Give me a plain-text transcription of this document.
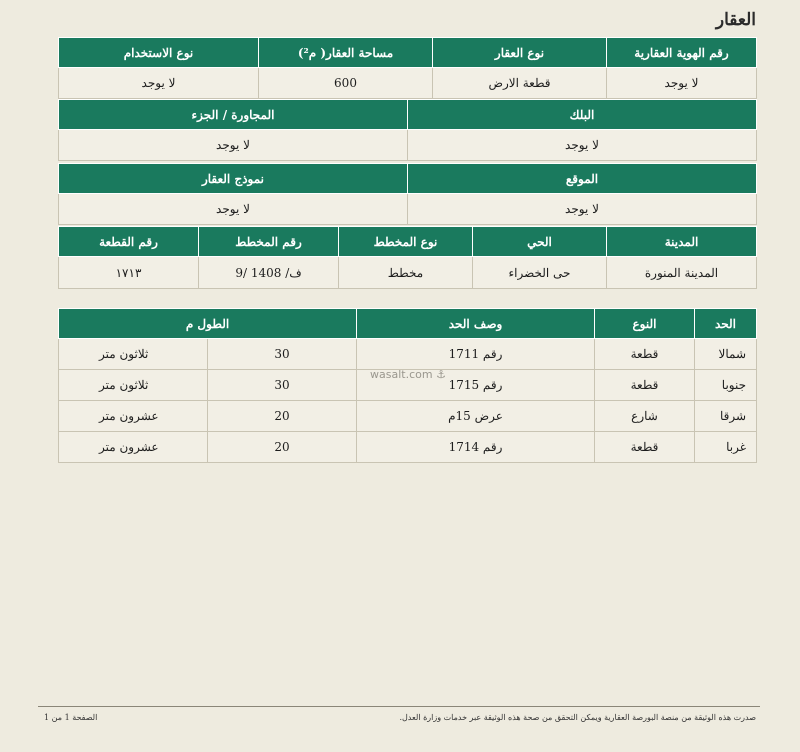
العقار
رقم الهوية العقارية	نوع العقار	مساحة العقار( م²)	نوع الاستخدام
لا يوجد	قطعة الارض	600	لا يوجد
البلك	المجاورة / الجزء
لا يوجد	لا يوجد
الموقع	نموذج العقار
لا يوجد	لا يوجد
المدينة	الحي	نوع المخطط	رقم المخطط	رقم القطعة
المدينة المنورة	حى الخضراء	مخطط	ف/ 1408 /9	١٧١٣
الحد	النوع	وصف الحد	الطول م	
شمالا	قطعة	رقم 1711	30	ثلاثون متر
جنوبا	قطعة	رقم 1715	30	ثلاثون متر
شرقا	شارع	عرض 15م	20	عشرون متر
غربا	قطعة	رقم 1714	20	عشرون متر
wasalt.com ⚓︎
صدرت هذه الوثيقة من منصة البورصة العقارية ويمكن التحقق من صحة هذه الوثيقة عبر خدمات وزارة العدل.
الصفحة 1 من 1
